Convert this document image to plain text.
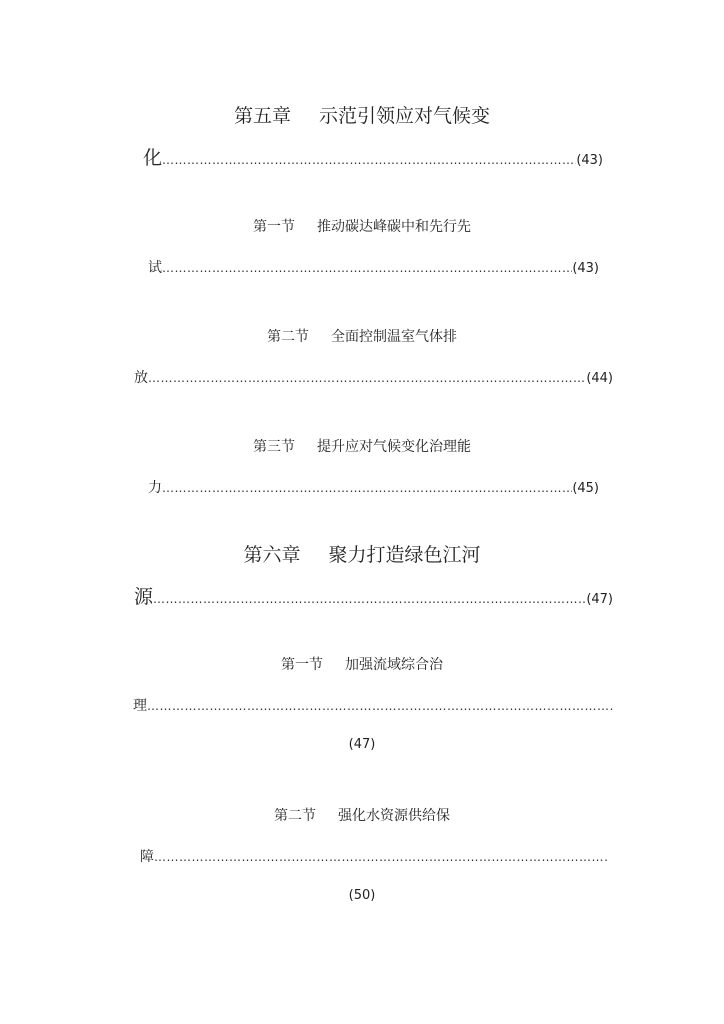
第五章 示范引领应对气候变
化 …………………………………………………………………………………………………………………………………………………………………………………………	(43)
第一节 推动碳达峰碳中和先行先
试 …………………………………………………………………………………………………………………………………………………………………………………………	(43)
第二节 全面控制温室气体排
放 …………………………………………………………………………………………………………………………………………………………………………………………	(44)
第三节 提升应对气候变化治理能
力 …………………………………………………………………………………………………………………………………………………………………………………………	(45)
第六章 聚力打造绿色江河
源 …………………………………………………………………………………………………………………………………………………………………………………………	(47)
第一节 加强流域综合治
理
…………………………………………………………………………………………………………………………………………………………………………………………
(47)
第二节 强化水资源供给保
障
…………………………………………………………………………………………………………………………………………………………………………………………
(50)
